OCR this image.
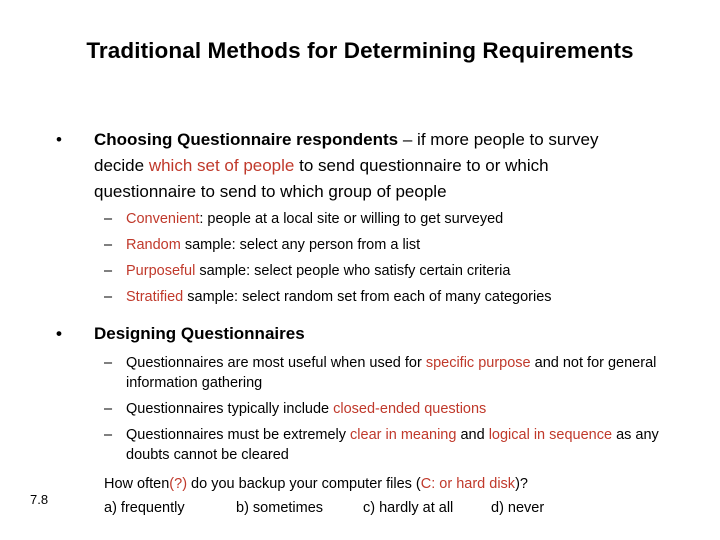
Traditional Methods for Determining Requirements
•	Choosing Questionnaire respondents – if more people to survey
decide which set of people to send questionnaire to or which
questionnaire to send to which group of people
– Convenient: people at a local site or willing to get surveyed
– Random sample: select any person from a list
– Purposeful sample: select people who satisfy certain criteria
– Stratified sample: select random set from each of many categories
• Designing Questionnaires
– Questionnaires are most useful when used for specific purpose and not for general information gathering
– Questionnaires typically include closed-ended questions
– Questionnaires must be extremely clear in meaning and logical in sequence as any doubts cannot be cleared
How often(?) do you backup your computer files (C: or hard disk)?
a) frequently	b) sometimes	c) hardly at all	d) never
7.8
